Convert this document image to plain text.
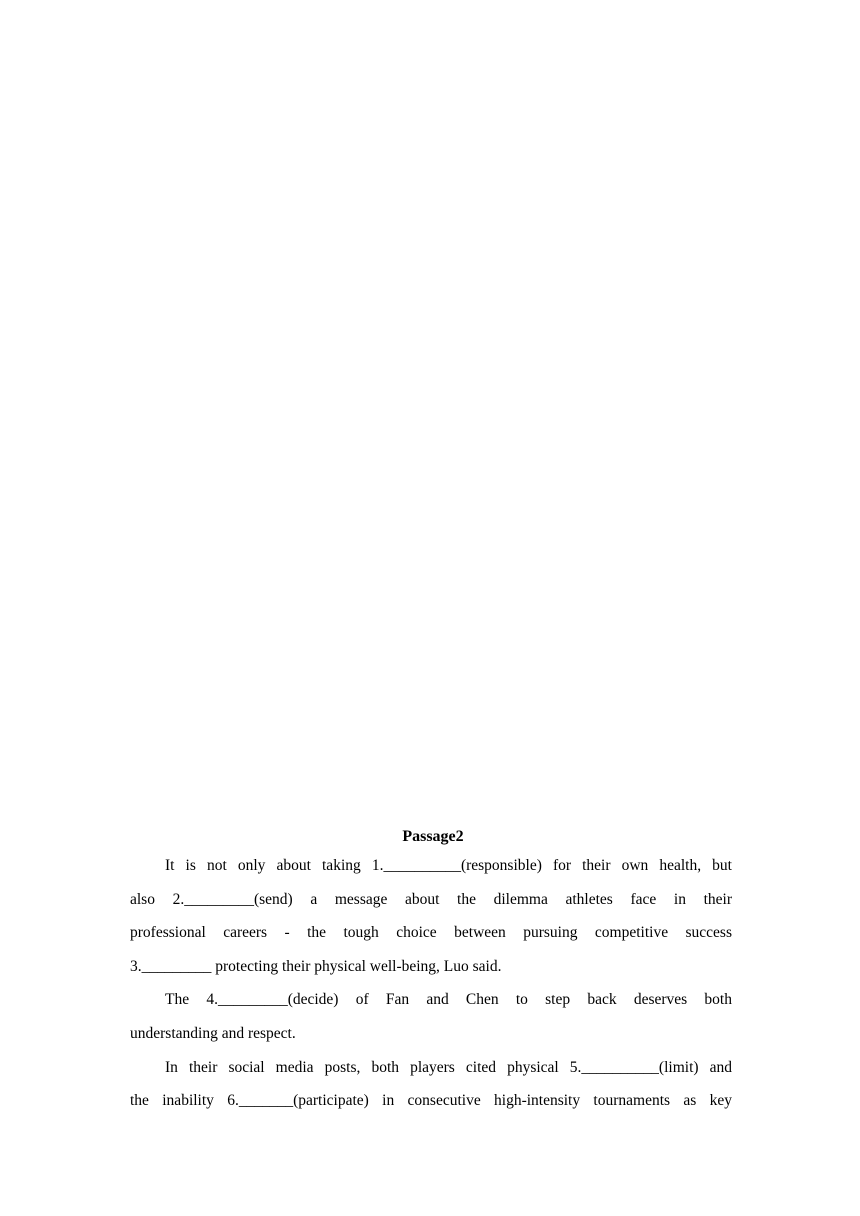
Passage2
It is not only about taking 1.__________(responsible) for their own health, but
also 2._________(send) a message about the dilemma athletes face in their
professional careers - the tough choice between pursuing competitive success
3._________ protecting their physical well-being, Luo said.
The 4._________(decide) of Fan and Chen to step back deserves both
understanding and respect.
In their social media posts, both players cited physical 5.__________(limit) and
the inability 6._______(participate) in consecutive high-intensity tournaments as key
